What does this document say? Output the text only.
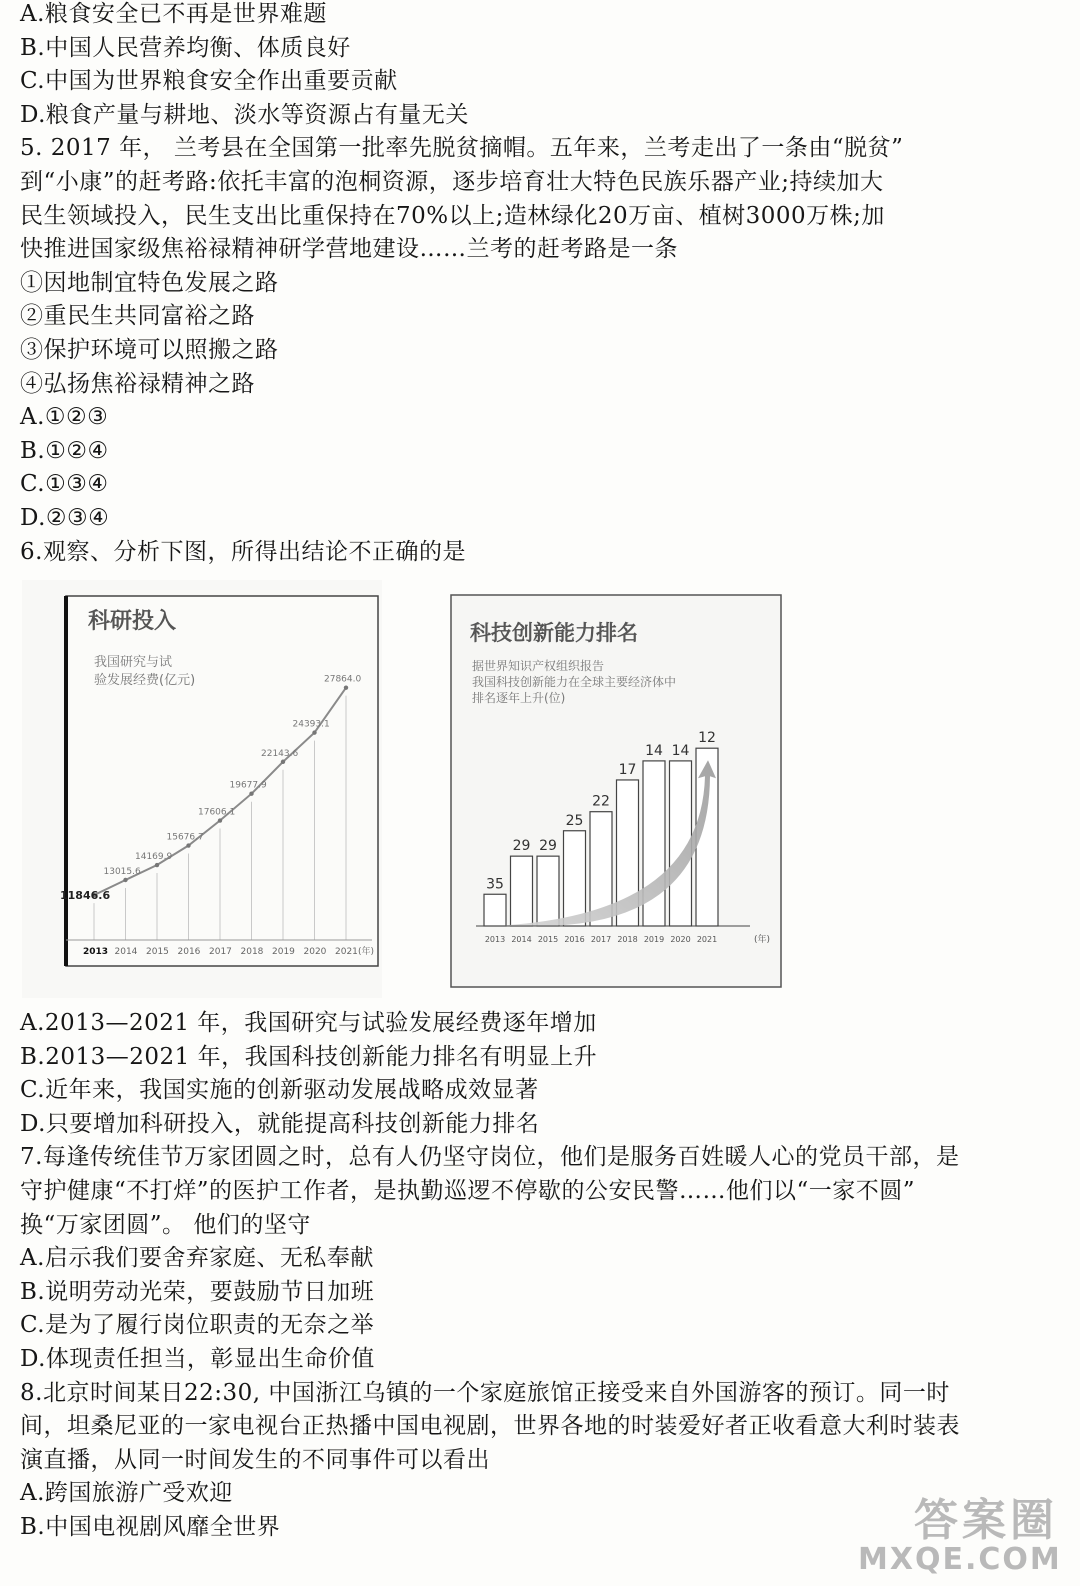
A.粮食安全已不再是世界难题
B.中国人民营养均衡、体质良好
C.中国为世界粮食安全作出重要贡献
D.粮食产量与耕地、淡水等资源占有量无关
5. 2017 年， 兰考县在全国第一批率先脱贫摘帽。五年来，兰考走出了一条由“脱贫”
到“小康”的赶考路:依托丰富的泡桐资源，逐步培育壮大特色民族乐器产业;持续加大
民生领域投入，民生支出比重保持在70%以上;造林绿化20万亩、植树3000万株;加
快推进国家级焦裕禄精神研学营地建设……兰考的赶考路是一条
①因地制宜特色发展之路
②重民生共同富裕之路
③保护环境可以照搬之路
④弘扬焦裕禄精神之路
A.①②③
B.①②④
C.①③④
D.②③④
6.观察、分析下图，所得出结论不正确的是
科研投入
我国研究与试
验发展经费(亿元)
11846.6
13015.6
14169.9
15676.7
17606.1
19677.9
22143.6
24393.1
27864.0
2013 2014 2015 2016 2017 2018 2019 2020 2021 (年)
科技创新能力排名
据世界知识产权组织报告
我国科技创新能力在全球主要经济体中
排名逐年上升(位)
35
2013
29
2014
29
2015
25
2016
22
2017
17
2018
14
2019
14
2020
12
2021	(年)
A.2013—2021 年，我国研究与试验发展经费逐年增加
B.2013—2021 年，我国科技创新能力排名有明显上升
C.近年来，我国实施的创新驱动发展战略成效显著
D.只要增加科研投入，就能提高科技创新能力排名
7.每逢传统佳节万家团圆之时，总有人仍坚守岗位，他们是服务百姓暖人心的党员干部，是
守护健康“不打烊”的医护工作者，是执勤巡逻不停歇的公安民警……他们以“一家不圆”
换“万家团圆”。 他们的坚守
A.启示我们要舍弃家庭、无私奉献
B.说明劳动光荣，要鼓励节日加班
C.是为了履行岗位职责的无奈之举
D.体现责任担当，彰显出生命价值
8.北京时间某日22:30, 中国浙江乌镇的一个家庭旅馆正接受来自外国游客的预订。同一时
间，坦桑尼亚的一家电视台正热播中国电视剧，世界各地的时装爱好者正收看意大利时装表
演直播，从同一时间发生的不同事件可以看出
A.跨国旅游广受欢迎
B.中国电视剧风靡全世界	答案圈
MXQE.COM
